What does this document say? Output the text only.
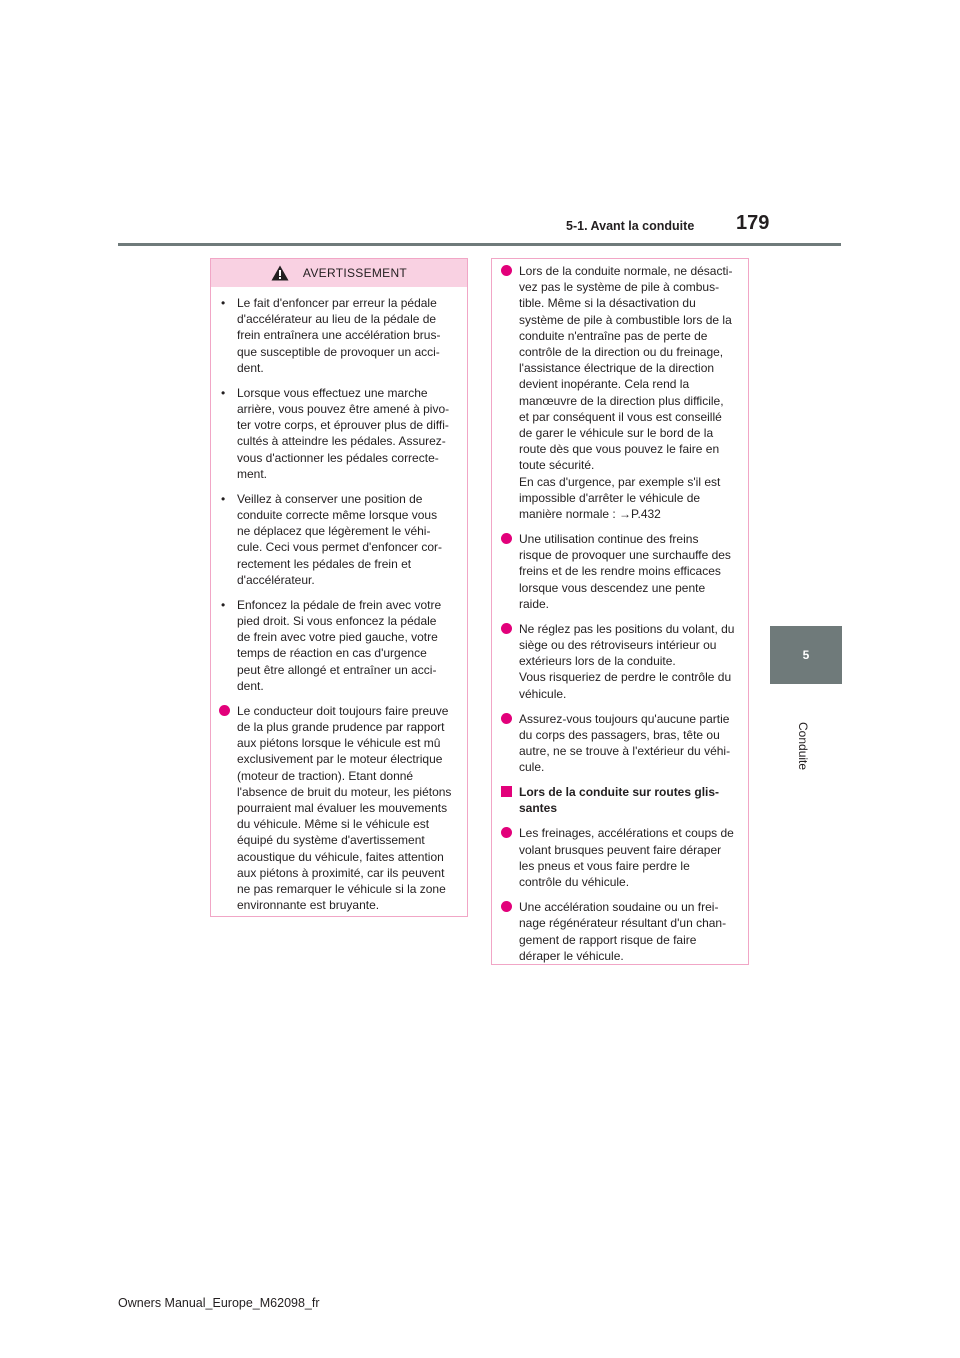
5-1. Avant la conduite 179
5
Conduite
AVERTISSEMENT
• Le fait d'enfoncer par erreur la pédale
d'accélérateur au lieu de la pédale de
frein entraînera une accélération brus-
que susceptible de provoquer un acci-
dent.
• Lorsque vous effectuez une marche
arrière, vous pouvez être amené à pivo-
ter votre corps, et éprouver plus de diffi-
cultés à atteindre les pédales. Assurez-
vous d'actionner les pédales correcte-
ment.
• Veillez à conserver une position de
conduite correcte même lorsque vous
ne déplacez que légèrement le véhi-
cule. Ceci vous permet d'enfoncer cor-
rectement les pédales de frein et
d'accélérateur.
• Enfoncez la pédale de frein avec votre
pied droit. Si vous enfoncez la pédale
de frein avec votre pied gauche, votre
temps de réaction en cas d'urgence
peut être allongé et entraîner un acci-
dent.
Le conducteur doit toujours faire preuve
de la plus grande prudence par rapport
aux piétons lorsque le véhicule est mû
exclusivement par le moteur électrique
(moteur de traction). Etant donné
l'absence de bruit du moteur, les piétons
pourraient mal évaluer les mouvements
du véhicule. Même si le véhicule est
équipé du système d'avertissement
acoustique du véhicule, faites attention
aux piétons à proximité, car ils peuvent
ne pas remarquer le véhicule si la zone
environnante est bruyante.
Lors de la conduite normale, ne désacti-
vez pas le système de pile à combus-
tible. Même si la désactivation du
système de pile à combustible lors de la
conduite n'entraîne pas de perte de
contrôle de la direction ou du freinage,
l'assistance électrique de la direction
devient inopérante. Cela rend la
manœuvre de la direction plus difficile,
et par conséquent il vous est conseillé
de garer le véhicule sur le bord de la
route dès que vous pouvez le faire en
toute sécurité.
En cas d'urgence, par exemple s'il est
impossible d'arrêter le véhicule de
manière normale : →P.432
Une utilisation continue des freins
risque de provoquer une surchauffe des
freins et de les rendre moins efficaces
lorsque vous descendez une pente
raide.
Ne réglez pas les positions du volant, du
siège ou des rétroviseurs intérieur ou
extérieurs lors de la conduite.
Vous risqueriez de perdre le contrôle du
véhicule.
Assurez-vous toujours qu'aucune partie
du corps des passagers, bras, tête ou
autre, ne se trouve à l'extérieur du véhi-
cule.
Lors de la conduite sur routes glis-
santes
Les freinages, accélérations et coups de
volant brusques peuvent faire déraper
les pneus et vous faire perdre le
contrôle du véhicule.
Une accélération soudaine ou un frei-
nage régénérateur résultant d'un chan-
gement de rapport risque de faire
déraper le véhicule.
Owners Manual_Europe_M62098_fr
